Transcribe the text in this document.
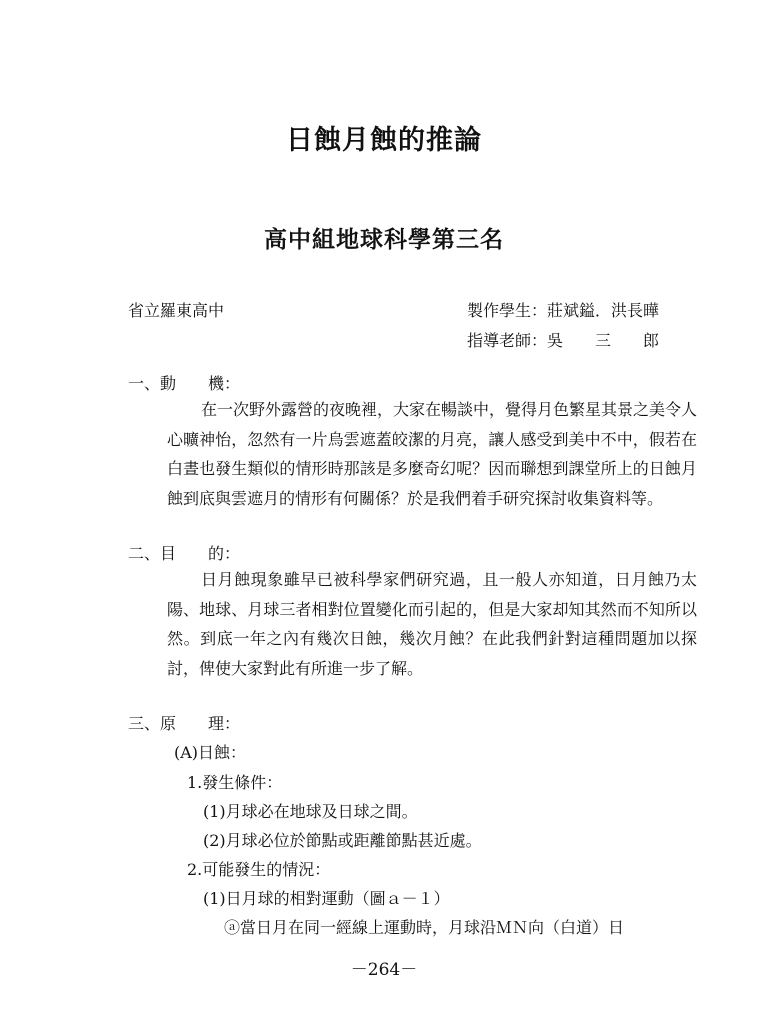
日蝕月蝕的推論
高中組地球科學第三名
省立羅東高中	製作學生：莊斌鎰．洪長曄
指導老師：吳　　三　　郎
一、動　　機：
在一次野外露營的夜晚裡，大家在暢談中，覺得月色繁星其景之美令人心曠神怡，忽然有一片烏雲遮蓋皎潔的月亮，讓人感受到美中不中，假若在白晝也發生類似的情形時那該是多麼奇幻呢？因而聯想到課堂所上的日蝕月蝕到底與雲遮月的情形有何關係？於是我們着手研究探討收集資料等。
二、目　　的：
日月蝕現象雖早已被科學家們研究過，且一般人亦知道，日月蝕乃太陽、地球、月球三者相對位置變化而引起的，但是大家却知其然而不知所以然。到底一年之內有幾次日蝕，幾次月蝕？在此我們針對這種問題加以探討，俾使大家對此有所進一步了解。
三、原　　理：
(A)日蝕：
1.發生條件：
(1)月球必在地球及日球之間。
(2)月球必位於節點或距離節點甚近處。
2.可能發生的情況：
(1)日月球的相對運動（圖ａ－１）
ⓐ當日月在同一經線上運動時，月球沿ＭＮ向（白道）日
－264－
